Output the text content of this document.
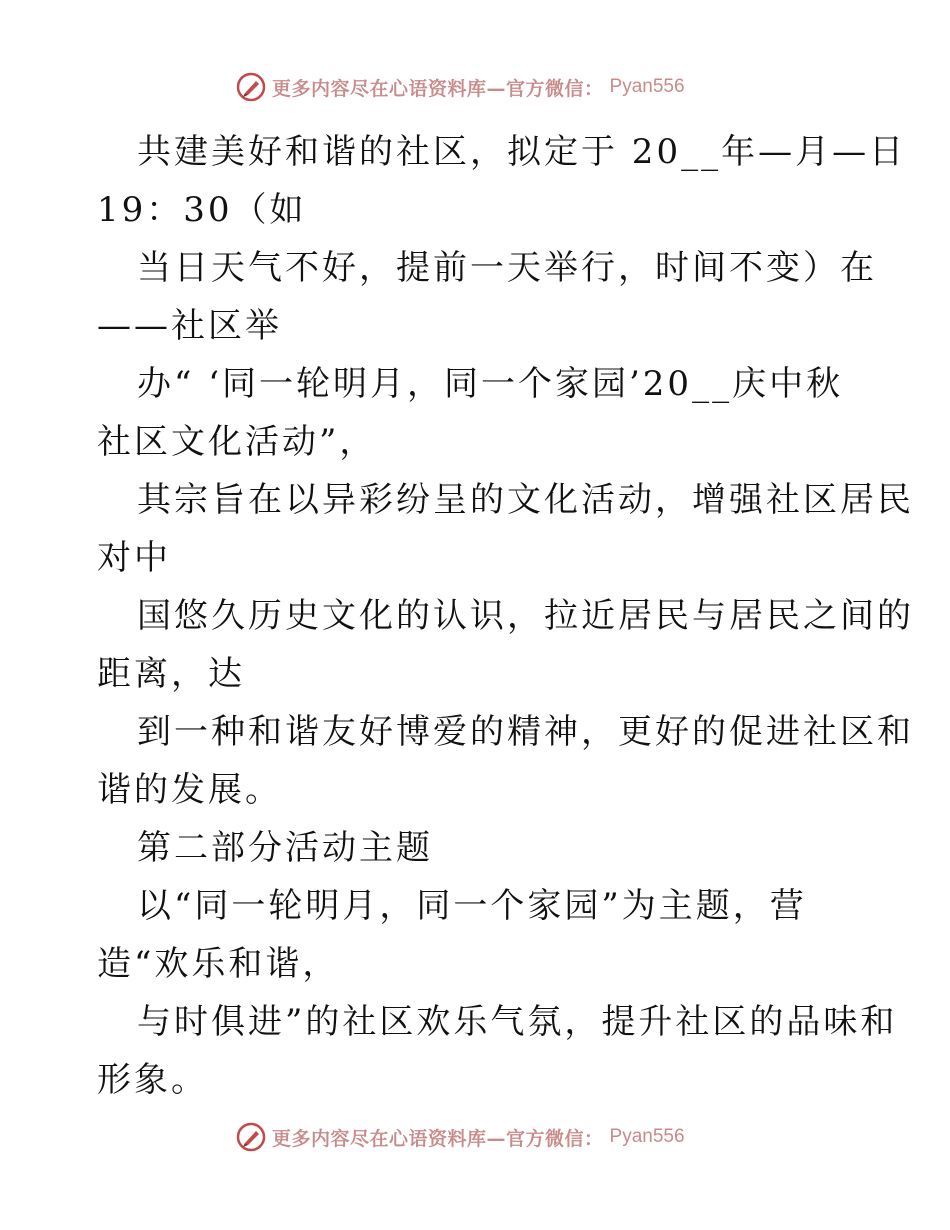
更多内容尽在心语资料库—官方微信： Pyan556
共建美好和谐的社区，拟定于 20__年—月—日
19：30（如
当日天气不好，提前一天举行，时间不变）在
——社区举
办“ ‘同一轮明月，同一个家园’20__庆中秋
社区文化活动”，
其宗旨在以异彩纷呈的文化活动，增强社区居民
对中
国悠久历史文化的认识，拉近居民与居民之间的
距离，达
到一种和谐友好博爱的精神，更好的促进社区和
谐的发展。
第二部分活动主题
以“同一轮明月，同一个家园”为主题，营
造“欢乐和谐，
与时俱进”的社区欢乐气氛，提升社区的品味和
形象。
更多内容尽在心语资料库—官方微信： Pyan556
